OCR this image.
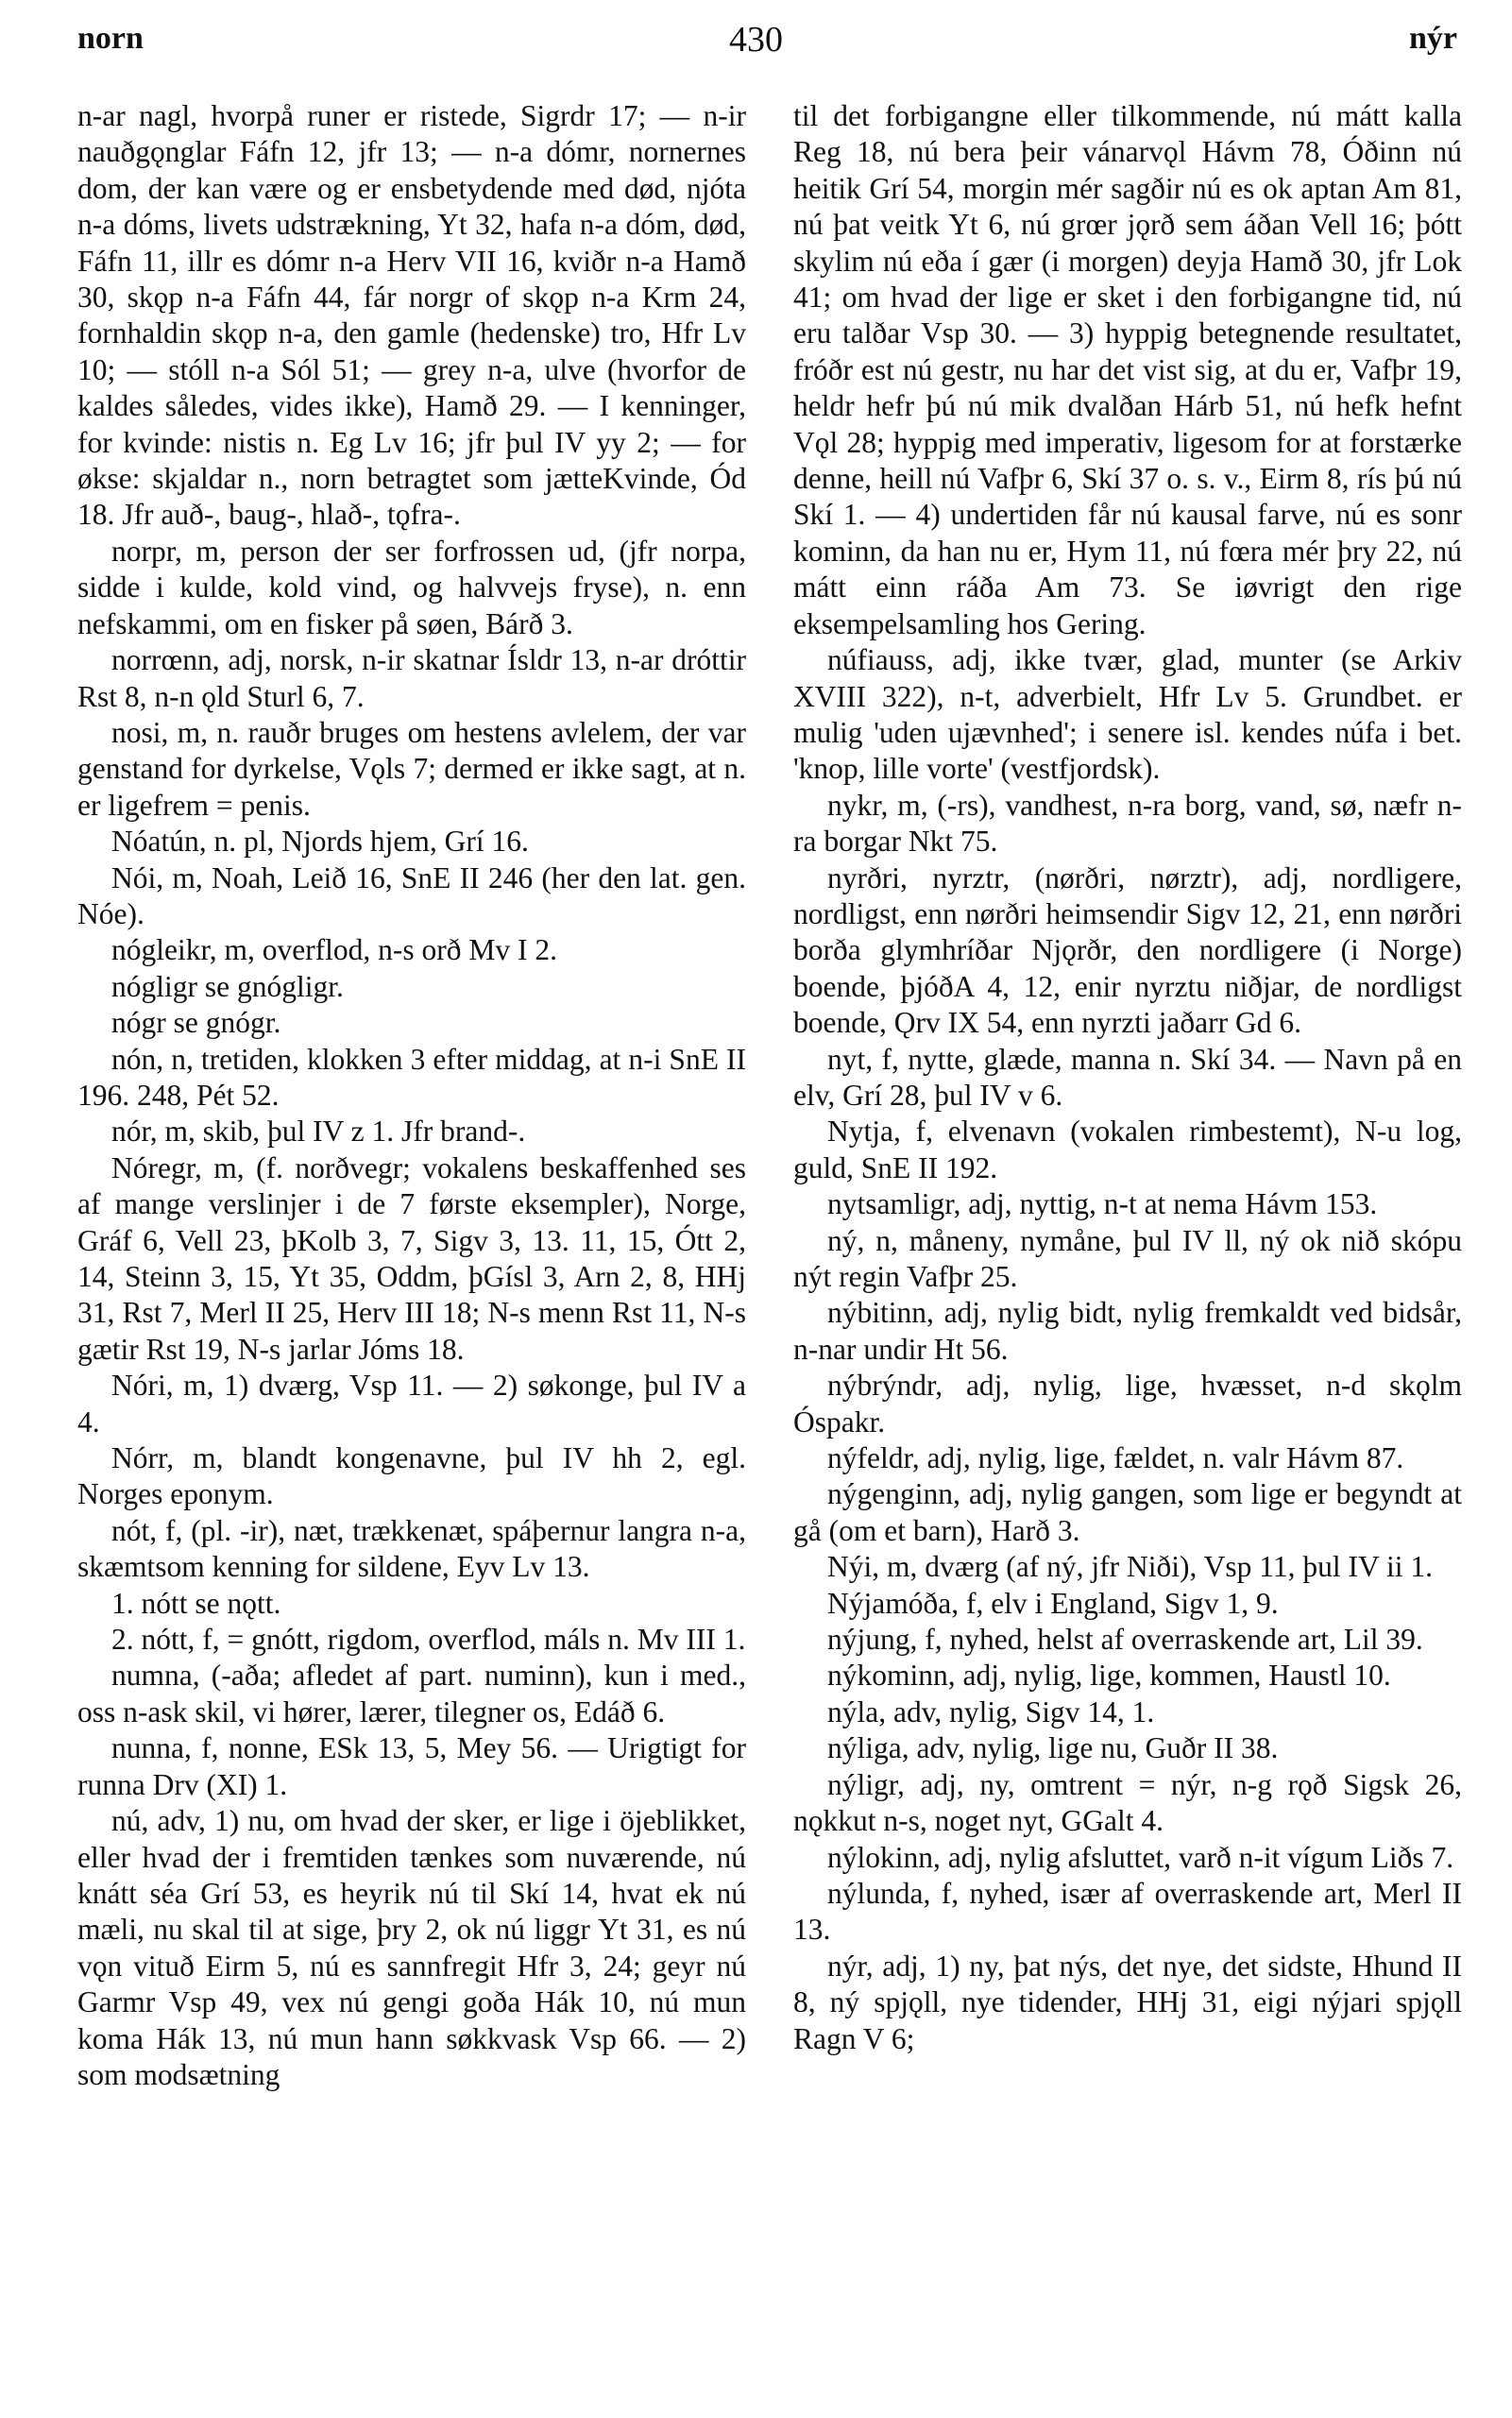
norn	430	nýr

n-ar nagl, hvorpå runer er ristede, Sigrdr 17; — n-ir nauðgǫnglar Fáfn 12, jfr 13; — n-a dómr, nornernes dom, der kan være og er ensbetydende med død, njóta n-a dóms, livets udstrækning, Yt 32, hafa n-a dóm, død, Fáfn 11, illr es dómr n-a Herv VII 16, kviðr n-a Hamð 30, skǫp n-a Fáfn 44, fár norgr of skǫp n-a Krm 24, fornhaldin skǫp n-a, den gamle (hedenske) tro, Hfr Lv 10; — stóll n-a Sól 51; — grey n-a, ulve (hvorfor de kaldes således, vides ikke), Hamð 29. — I kenninger, for kvinde: nistis n. Eg Lv 16; jfr þul IV yy 2; — for økse: skjaldar n., norn betragtet som jætteKvinde, Ód 18. Jfr auð-, baug-, hlað-, tǫfra-.

norpr, m, person der ser forfrossen ud, (jfr norpa, sidde i kulde, kold vind, og halvvejs fryse), n. enn nefskammi, om en fisker på søen, Bárð 3.

norrœnn, adj, norsk, n-ir skatnar Ísldr 13, n-ar dróttir Rst 8, n-n ǫld Sturl 6, 7.

nosi, m, n. rauðr bruges om hestens avlelem, der var genstand for dyrkelse, Vǫls 7; dermed er ikke sagt, at n. er ligefrem = penis.

Nóatún, n. pl, Njords hjem, Grí 16.

Nói, m, Noah, Leið 16, SnE II 246 (her den lat. gen. Nóe).

nógleikr, m, overflod, n-s orð Mv I 2.

nógligr se gnógligr.

nógr se gnógr.

nón, n, tretiden, klokken 3 efter middag, at n-i SnE II 196. 248, Pét 52.

nór, m, skib, þul IV z 1. Jfr brand-.

Nóregr, m, (f. norðvegr; vokalens beskaffenhed ses af mange verslinjer i de 7 første eksempler), Norge, Gráf 6, Vell 23, þKolb 3, 7, Sigv 3, 13. 11, 15, Ótt 2, 14, Steinn 3, 15, Yt 35, Oddm, þGísl 3, Arn 2, 8, HHj 31, Rst 7, Merl II 25, Herv III 18; N-s menn Rst 11, N-s gætir Rst 19, N-s jarlar Jóms 18.

Nóri, m, 1) dværg, Vsp 11. — 2) søkonge, þul IV a 4.

Nórr, m, blandt kongenavne, þul IV hh 2, egl. Norges eponym.

nót, f, (pl. -ir), næt, trækkenæt, spáþernur langra n-a, skæmtsom kenning for sildene, Eyv Lv 13.

1. nótt se nǫtt.

2. nótt, f, = gnótt, rigdom, overflod, máls n. Mv III 1.

numna, (-aða; afledet af part. numinn), kun i med., oss n-ask skil, vi hører, lærer, tilegner os, Edáð 6.

nunna, f, nonne, ESk 13, 5, Mey 56. — Urigtigt for runna Drv (XI) 1.

nú, adv, 1) nu, om hvad der sker, er lige i öjeblikket, eller hvad der i fremtiden tænkes som nuværende, nú knátt séa Grí 53, es heyrik nú til Skí 14, hvat ek nú mæli, nu skal til at sige, þry 2, ok nú liggr Yt 31, es nú vǫn vituð Eirm 5, nú es sannfregit Hfr 3, 24; geyr nú Garmr Vsp 49, vex nú gengi goða Hák 10, nú mun koma Hák 13, nú mun hann søkkvask Vsp 66. — 2) som modsætning

til det forbigangne eller tilkommende, nú mátt kalla Reg 18, nú bera þeir vánarvǫl Hávm 78, Óðinn nú heitik Grí 54, morgin mér sagðir nú es ok aptan Am 81, nú þat veitk Yt 6, nú grœr jǫrð sem áðan Vell 16; þótt skylim nú eða í gær (i morgen) deyja Hamð 30, jfr Lok 41; om hvad der lige er sket i den forbigangne tid, nú eru talðar Vsp 30. — 3) hyppig betegnende resultatet, fróðr est nú gestr, nu har det vist sig, at du er, Vafþr 19, heldr hefr þú nú mik dvalðan Hárb 51, nú hefk hefnt Vǫl 28; hyppig med imperativ, ligesom for at forstærke denne, heill nú Vafþr 6, Skí 37 o. s. v., Eirm 8, rís þú nú Skí 1. — 4) undertiden får nú kausal farve, nú es sonr kominn, da han nu er, Hym 11, nú fœra mér þry 22, nú mátt einn ráða Am 73. Se iøvrigt den rige eksempelsamling hos Gering.

núfiauss, adj, ikke tvær, glad, munter (se Arkiv XVIII 322), n-t, adverbielt, Hfr Lv 5. Grundbet. er mulig 'uden ujævnhed'; i senere isl. kendes núfa i bet. 'knop, lille vorte' (vestfjordsk).

nykr, m, (-rs), vandhest, n-ra borg, vand, sø, næfr n-ra borgar Nkt 75.

nyrðri, nyrztr, (nørðri, nørztr), adj, nordligere, nordligst, enn nørðri heimsendir Sigv 12, 21, enn nørðri borða glymhríðar Njǫrðr, den nordligere (i Norge) boende, þjóðA 4, 12, enir nyrztu niðjar, de nordligst boende, Ǫrv IX 54, enn nyrzti jaðarr Gd 6.

nyt, f, nytte, glæde, manna n. Skí 34. — Navn på en elv, Grí 28, þul IV v 6.

Nytja, f, elvenavn (vokalen rimbestemt), N-u log, guld, SnE II 192.

nytsamligr, adj, nyttig, n-t at nema Hávm 153.

ný, n, måneny, nymåne, þul IV ll, ný ok nið skópu nýt regin Vafþr 25.

nýbitinn, adj, nylig bidt, nylig fremkaldt ved bidsår, n-nar undir Ht 56.

nýbrýndr, adj, nylig, lige, hvæsset, n-d skǫlm Óspakr.

nýfeldr, adj, nylig, lige, fældet, n. valr Hávm 87.

nýgenginn, adj, nylig gangen, som lige er begyndt at gå (om et barn), Harð 3.

Nýi, m, dværg (af ný, jfr Niði), Vsp 11, þul IV ii 1.

Nýjamóða, f, elv i England, Sigv 1, 9.

nýjung, f, nyhed, helst af overraskende art, Lil 39.

nýkominn, adj, nylig, lige, kommen, Haustl 10.

nýla, adv, nylig, Sigv 14, 1.

nýliga, adv, nylig, lige nu, Guðr II 38.

nýligr, adj, ny, omtrent = nýr, n-g rǫð Sigsk 26, nǫkkut n-s, noget nyt, GGalt 4.

nýlokinn, adj, nylig afsluttet, varð n-it vígum Liðs 7.

nýlunda, f, nyhed, især af overraskende art, Merl II 13.

nýr, adj, 1) ny, þat nýs, det nye, det sidste, Hhund II 8, ný spjǫll, nye tidender, HHj 31, eigi nýjari spjǫll Ragn V 6;
